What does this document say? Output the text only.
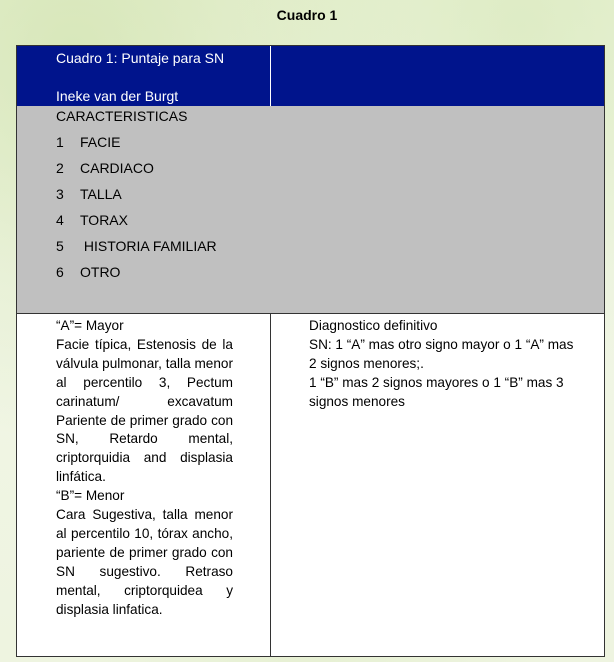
Cuadro 1
Cuadro 1: Puntaje para SN
Ineke van der Burgt
CARACTERISTICAS
1 FACIE
2 CARDIACO
3 TALLA
4 TORAX
5 HISTORIA FAMILIAR
6 OTRO

“A”= Mayor

Facie típica, Estenosis de la válvula pulmonar, talla menor al percentilo 3, Pectum carinatum/ excavatum Pariente de primer grado con SN, Retardo mental, criptorquidia and displasia linfática.

“B”= Menor

Cara Sugestiva, talla menor al percentilo 10, tórax ancho, pariente de primer grado con SN sugestivo. Retraso mental, criptorquidea y displasia linfatica.

Diagnostico definitivo

SN: 1 “A” mas otro signo mayor o 1 “A” mas 2 signos menores;.

1 “B” mas 2 signos mayores o 1 “B” mas 3 signos menores
